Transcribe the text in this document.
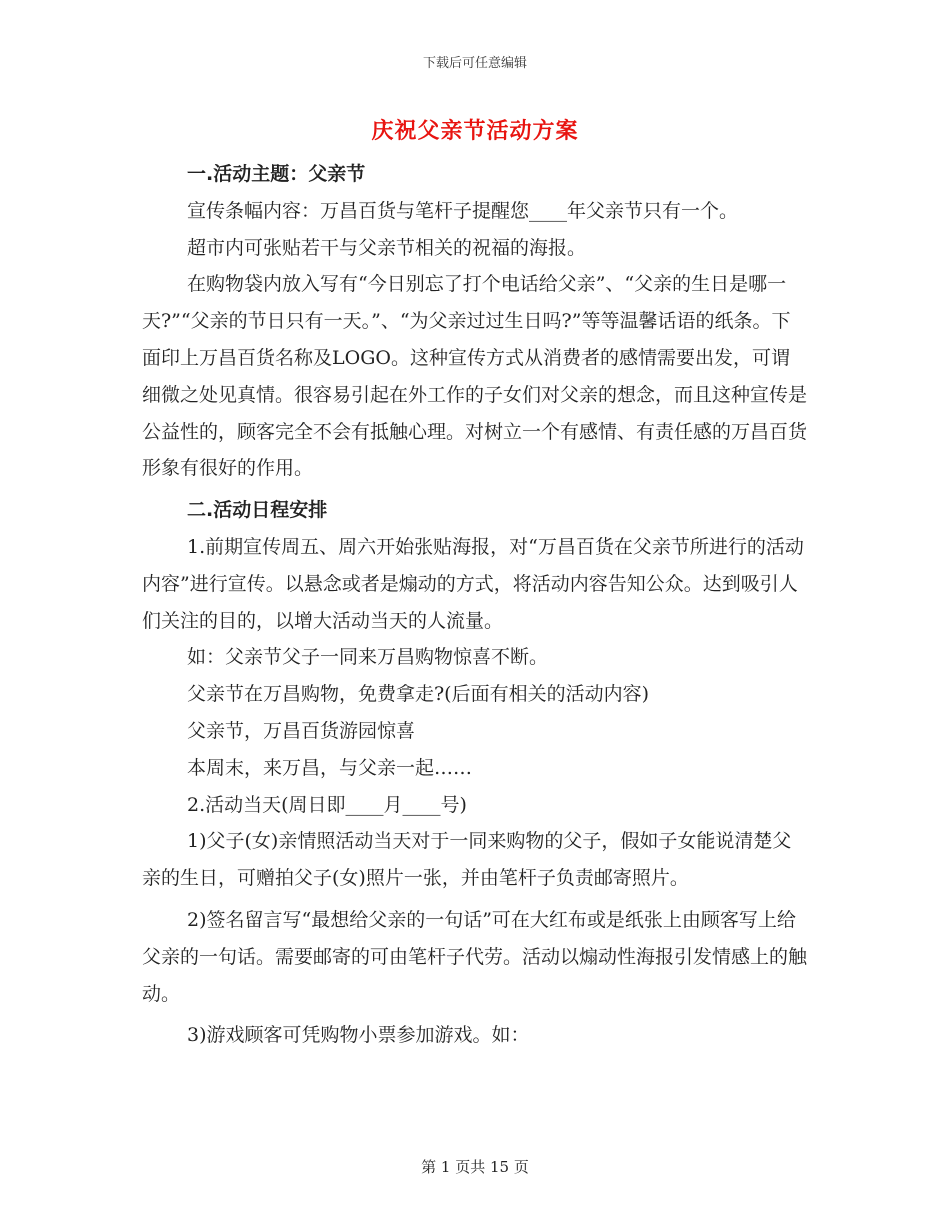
下载后可任意编辑
庆祝父亲节活动方案

一.活动主题：父亲节

宣传条幅内容：万昌百货与笔杆子提醒您____年父亲节只有一个。

超市内可张贴若干与父亲节相关的祝福的海报。

在购物袋内放入写有“今日别忘了打个电话给父亲”、“父亲的生日是哪一天?”“父亲的节日只有一天。”、“为父亲过过生日吗?”等等温馨话语的纸条。下面印上万昌百货名称及LOGO。这种宣传方式从消费者的感情需要出发，可谓细微之处见真情。很容易引起在外工作的子女们对父亲的想念，而且这种宣传是公益性的，顾客完全不会有抵触心理。对树立一个有感情、有责任感的万昌百货形象有很好的作用。

二.活动日程安排

1.前期宣传周五、周六开始张贴海报，对“万昌百货在父亲节所进行的活动内容”进行宣传。以悬念或者是煽动的方式，将活动内容告知公众。达到吸引人们关注的目的，以增大活动当天的人流量。

如：父亲节父子一同来万昌购物惊喜不断。

父亲节在万昌购物，免费拿走?(后面有相关的活动内容)

父亲节，万昌百货游园惊喜

本周末，来万昌，与父亲一起……

2.活动当天(周日即____月____号)

1)父子(女)亲情照活动当天对于一同来购物的父子，假如子女能说清楚父亲的生日，可赠拍父子(女)照片一张，并由笔杆子负责邮寄照片。

2)签名留言写“最想给父亲的一句话”可在大红布或是纸张上由顾客写上给父亲的一句话。需要邮寄的可由笔杆子代劳。活动以煽动性海报引发情感上的触动。

3)游戏顾客可凭购物小票参加游戏。如：

第 1 页共 15 页
